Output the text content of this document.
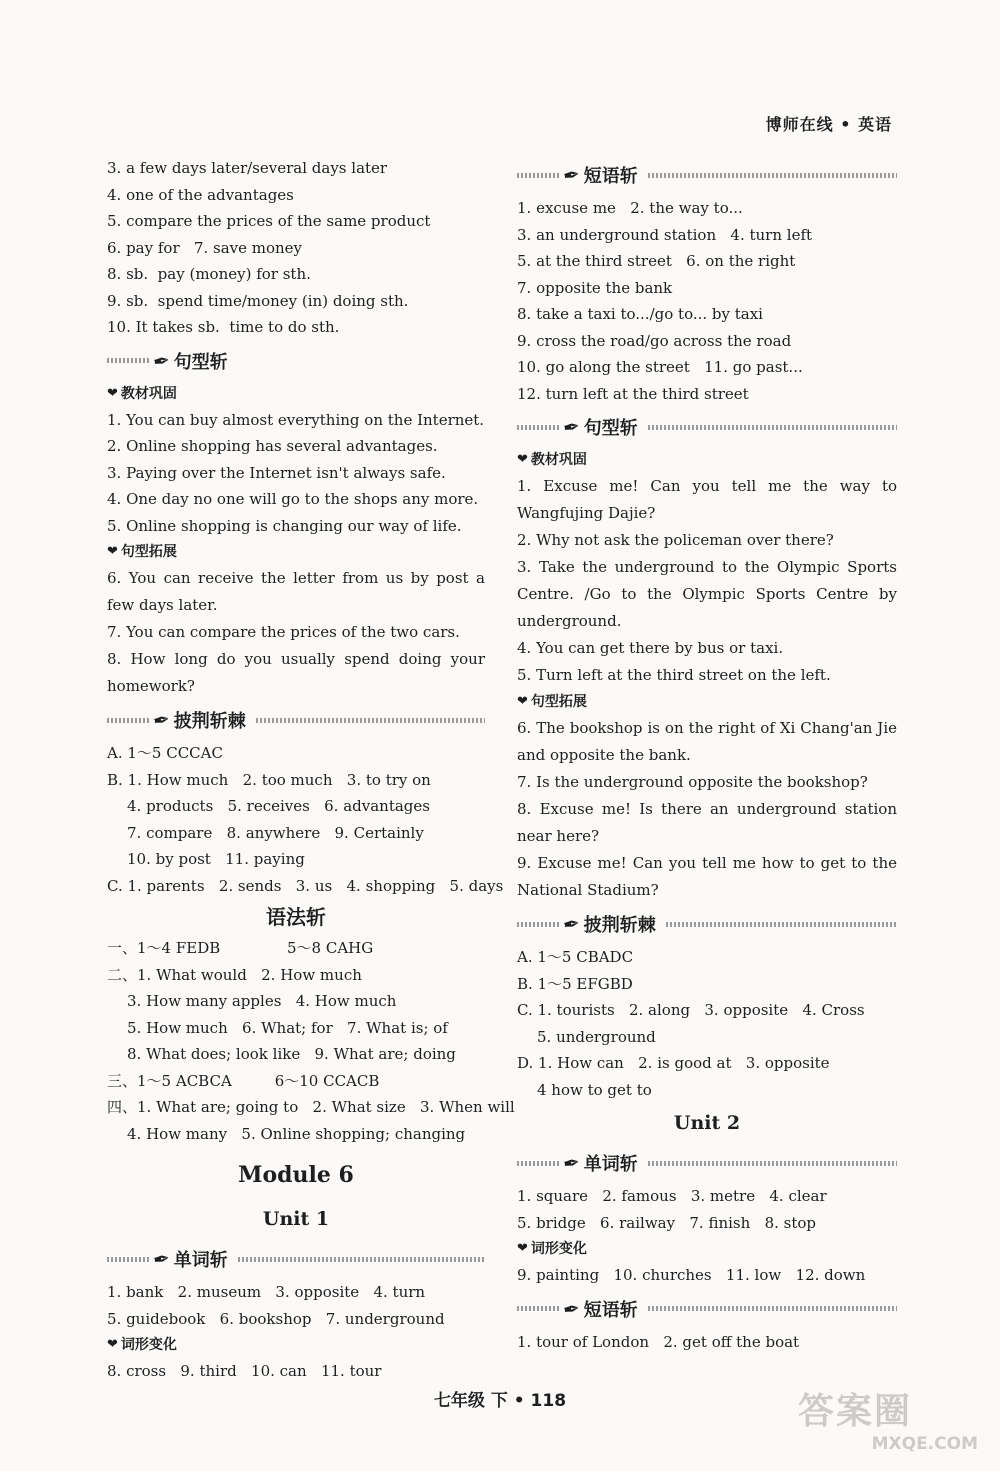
博师在线 • 英语
3. a few days later/several days later
4. one of the advantages
5. compare the prices of the same product
6. pay for   7. save money
8. sb.  pay (money) for sth.
9. sb.  spend time/money (in) doing sth.
10. It takes sb.  time to do sth.
✒ 句型斩
❤ 教材巩固
1. You can buy almost everything on the Internet.
2. Online shopping has several advantages.
3. Paying over the Internet isn't always safe.
4. One day no one will go to the shops any more.
5. Online shopping is changing our way of life.
❤ 句型拓展
6. You can receive the letter from us by post a few days later.
7. You can compare the prices of the two cars.
8. How long do you usually spend doing your homework?
✒ 披荆斩棘
A. 1～5 CCCAC
B. 1. How much   2. too much   3. to try on
4. products   5. receives   6. advantages
7. compare   8. anywhere   9. Certainly
10. by post   11. paying
C. 1. parents   2. sends   3. us   4. shopping   5. days
语法斩
一、1～4 FEDB              5～8 CAHG
二、1. What would   2. How much
3. How many apples   4. How much
5. How much   6. What; for   7. What is; of
8. What does; look like   9. What are; doing
三、1～5 ACBCA         6～10 CCACB
四、1. What are; going to   2. What size   3. When will
4. How many   5. Online shopping; changing
Module 6
Unit 1
✒ 单词斩
1. bank   2. museum   3. opposite   4. turn
5. guidebook   6. bookshop   7. underground
❤ 词形变化
8. cross   9. third   10. can   11. tour
✒ 短语斩
1. excuse me   2. the way to...
3. an underground station   4. turn left
5. at the third street   6. on the right
7. opposite the bank
8. take a taxi to.../go to... by taxi
9. cross the road/go across the road
10. go along the street   11. go past...
12. turn left at the third street
✒ 句型斩
❤ 教材巩固
1. Excuse me! Can you tell me the way to Wangfujing Dajie?
2. Why not ask the policeman over there?
3. Take the underground to the Olympic Sports Centre. /Go to the Olympic Sports Centre by underground.
4. You can get there by bus or taxi.
5. Turn left at the third street on the left.
❤ 句型拓展
6. The bookshop is on the right of Xi Chang'an Jie and opposite the bank.
7. Is the underground opposite the bookshop?
8. Excuse me! Is there an underground station near here?
9. Excuse me! Can you tell me how to get to the National Stadium?
✒ 披荆斩棘
A. 1～5 CBADC
B. 1～5 EFGBD
C. 1. tourists   2. along   3. opposite   4. Cross
5. underground
D. 1. How can   2. is good at   3. opposite
4 how to get to
Unit 2
✒ 单词斩
1. square   2. famous   3. metre   4. clear
5. bridge   6. railway   7. finish   8. stop
❤ 词形变化
9. painting   10. churches   11. low   12. down
✒ 短语斩
1. tour of London   2. get off the boat
七年级 下 • 118	答案圈
MXQE.COM
